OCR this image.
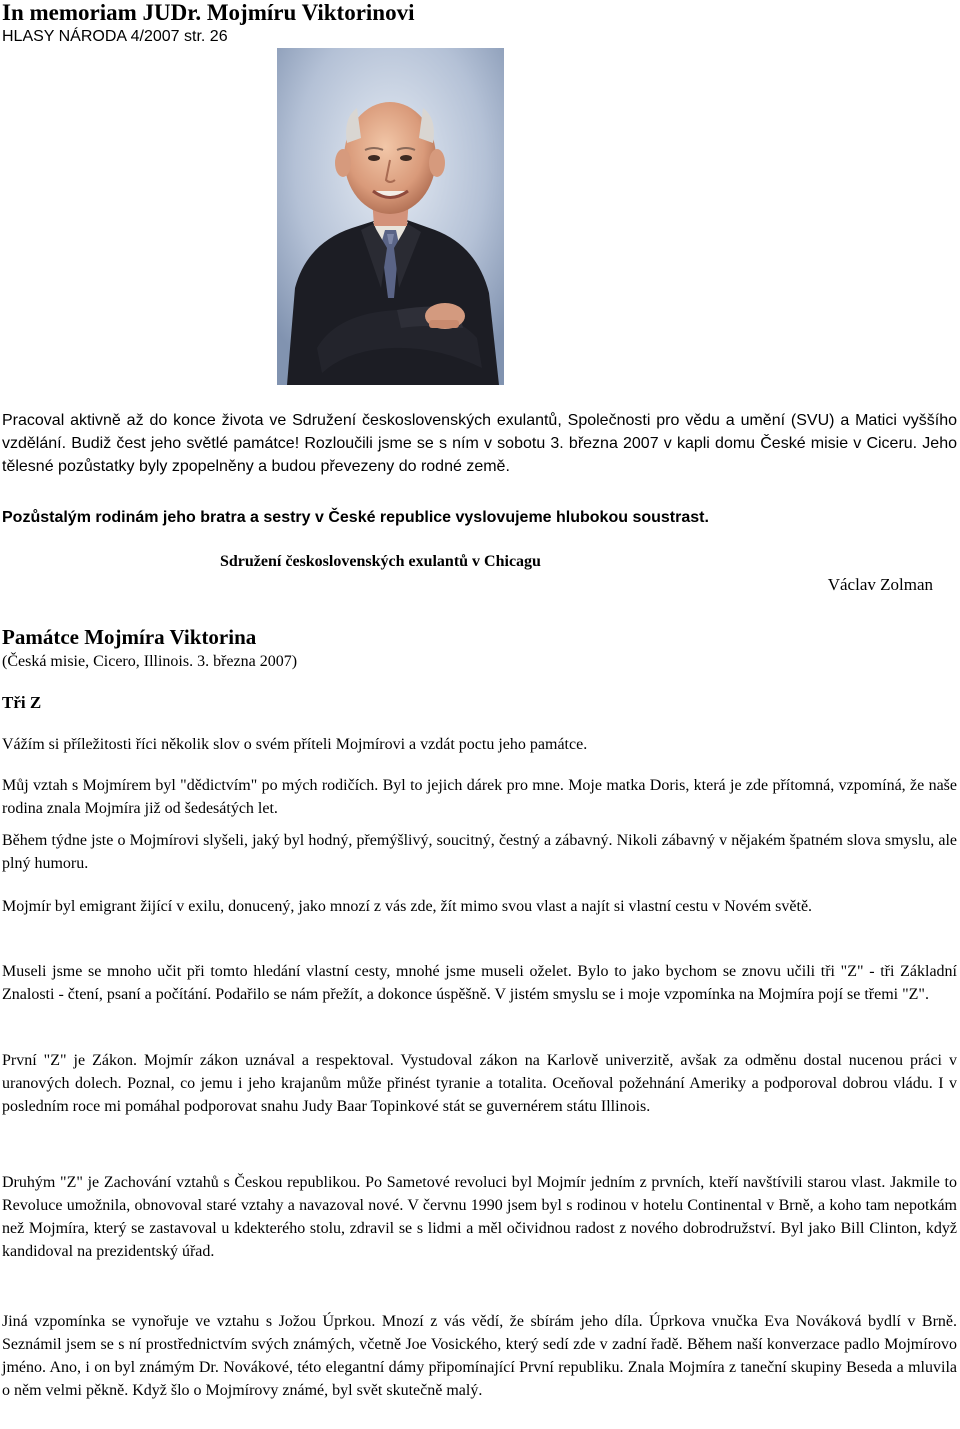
In memoriam JUDr. Mojmíru Viktorinovi
HLASY NÁRODA 4/2007 str. 26

Pracoval aktivně až do konce života ve Sdružení československých exulantů, Společnosti pro vědu a umění (SVU) a Matici vyššího vzdělání. Budiž čest jeho světlé památce! Rozloučili jsme se s ním v sobotu 3. března 2007 v kapli domu České misie v Ciceru. Jeho tělesné pozůstatky byly zpopelněny a budou převezeny do rodné země.

Pozůstalým rodinám jeho bratra a sestry v České republice vyslovujeme hlubokou soustrast.

Sdružení československých exulantů v Chicagu
Václav Zolman
Památce Mojmíra Viktorina
(Česká misie, Cicero, Illinois. 3. března 2007)
Tři Z

Vážím si příležitosti říci několik slov o svém příteli Mojmírovi a vzdát poctu jeho památce.

Můj vztah s Mojmírem byl "dědictvím" po mých rodičích. Byl to jejich dárek pro mne. Moje matka Doris, která je zde přítomná, vzpomíná, že naše rodina znala Mojmíra již od šedesátých let.

Během týdne jste o Mojmírovi slyšeli, jaký byl hodný, přemýšlivý, soucitný, čestný a zábavný. Nikoli zábavný v nějakém špatném slova smyslu, ale plný humoru.

Mojmír byl emigrant žijící v exilu, donucený, jako mnozí z vás zde, žít mimo svou vlast a najít si vlastní cestu v Novém světě.

Museli jsme se mnoho učit při tomto hledání vlastní cesty, mnohé jsme museli oželet. Bylo to jako bychom se znovu učili tři "Z" - tři Základní Znalosti - čtení, psaní a počítání. Podařilo se nám přežít, a dokonce úspěšně. V jistém smyslu se i moje vzpomínka na Mojmíra pojí se třemi "Z".

První "Z" je Zákon. Mojmír zákon uznával a respektoval. Vystudoval zákon na Karlově univerzitě, avšak za odměnu dostal nucenou práci v uranových dolech. Poznal, co jemu i jeho krajanům může přinést tyranie a totalita. Oceňoval požehnání Ameriky a podporoval dobrou vládu. I v posledním roce mi pomáhal podporovat snahu Judy Baar Topinkové stát se guvernérem státu Illinois.

Druhým "Z" je Zachování vztahů s Českou republikou. Po Sametové revoluci byl Mojmír jedním z prvních, kteří navštívili starou vlast. Jakmile to Revoluce umožnila, obnovoval staré vztahy a navazoval nové. V červnu 1990 jsem byl s rodinou v hotelu Continental v Brně, a koho tam nepotkám než Mojmíra, který se zastavoval u kdekterého stolu, zdravil se s lidmi a měl očividnou radost z nového dobrodružství. Byl jako Bill Clinton, když kandidoval na prezidentský úřad.

Jiná vzpomínka se vynořuje ve vztahu s Jožou Úprkou. Mnozí z vás vědí, že sbírám jeho díla. Úprkova vnučka Eva Nováková bydlí v Brně. Seznámil jsem se s ní prostřednictvím svých známých, včetně Joe Vosického, který sedí zde v zadní řadě. Během naší konverzace padlo Mojmírovo jméno. Ano, i on byl známým Dr. Novákové, této elegantní dámy připomínající První republiku. Znala Mojmíra z taneční skupiny Beseda a mluvila o něm velmi pěkně. Když šlo o Mojmírovy známé, byl svět skutečně malý.
